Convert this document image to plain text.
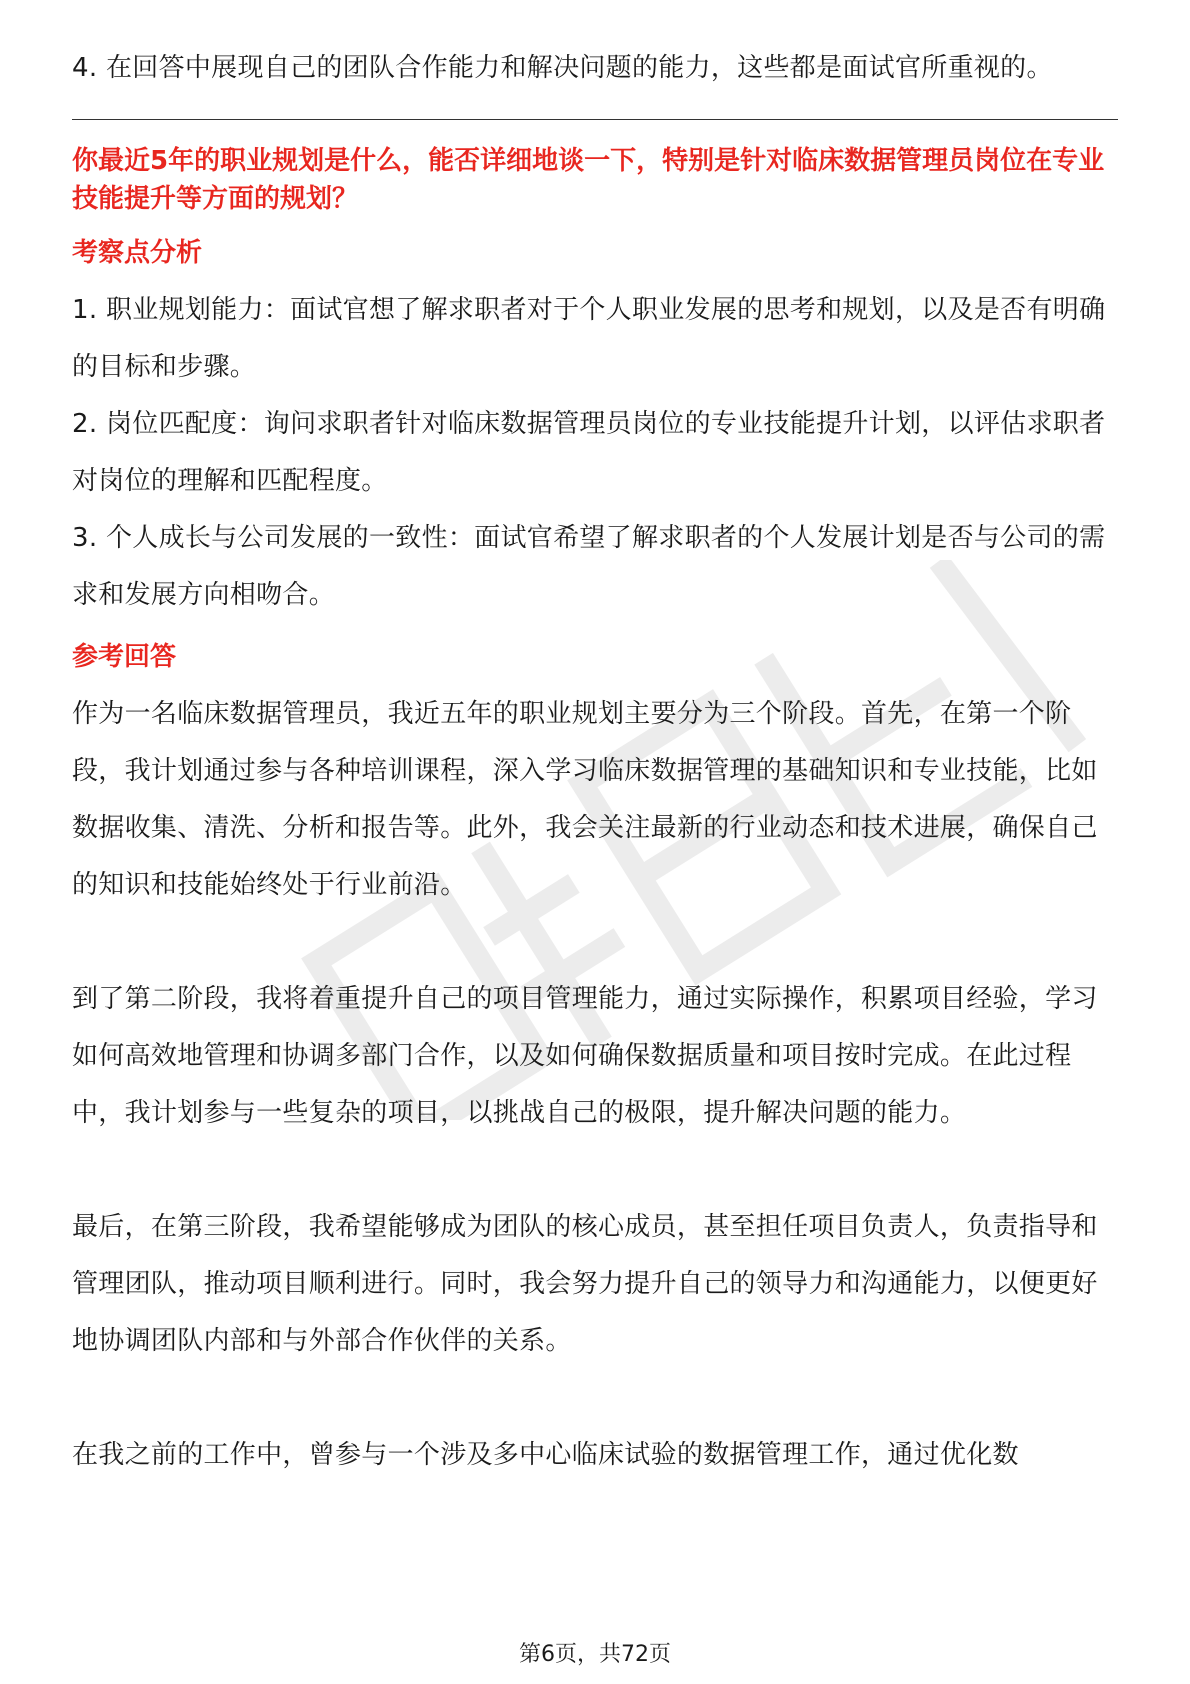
4. 在回答中展现自己的团队合作能力和解决问题的能力，这些都是面试官所重视的。

你最近5年的职业规划是什么，能否详细地谈一下，特别是针对临床数据管理员岗位在专业技能提升等方面的规划？

考察点分析

1. 职业规划能力：面试官想了解求职者对于个人职业发展的思考和规划，以及是否有明确的目标和步骤。

2. 岗位匹配度：询问求职者针对临床数据管理员岗位的专业技能提升计划，以评估求职者对岗位的理解和匹配程度。

3. 个人成长与公司发展的一致性：面试官希望了解求职者的个人发展计划是否与公司的需求和发展方向相吻合。

参考回答

作为一名临床数据管理员，我近五年的职业规划主要分为三个阶段。首先，在第一个阶段，我计划通过参与各种培训课程，深入学习临床数据管理的基础知识和专业技能，比如数据收集、清洗、分析和报告等。此外，我会关注最新的行业动态和技术进展，确保自己的知识和技能始终处于行业前沿。

到了第二阶段，我将着重提升自己的项目管理能力，通过实际操作，积累项目经验，学习如何高效地管理和协调多部门合作，以及如何确保数据质量和项目按时完成。在此过程中，我计划参与一些复杂的项目，以挑战自己的极限，提升解决问题的能力。

最后，在第三阶段，我希望能够成为团队的核心成员，甚至担任项目负责人，负责指导和管理团队，推动项目顺利进行。同时，我会努力提升自己的领导力和沟通能力，以便更好地协调团队内部和与外部合作伙伴的关系。

在我之前的工作中，曾参与一个涉及多中心临床试验的数据管理工作，通过优化数

第6页，共72页
